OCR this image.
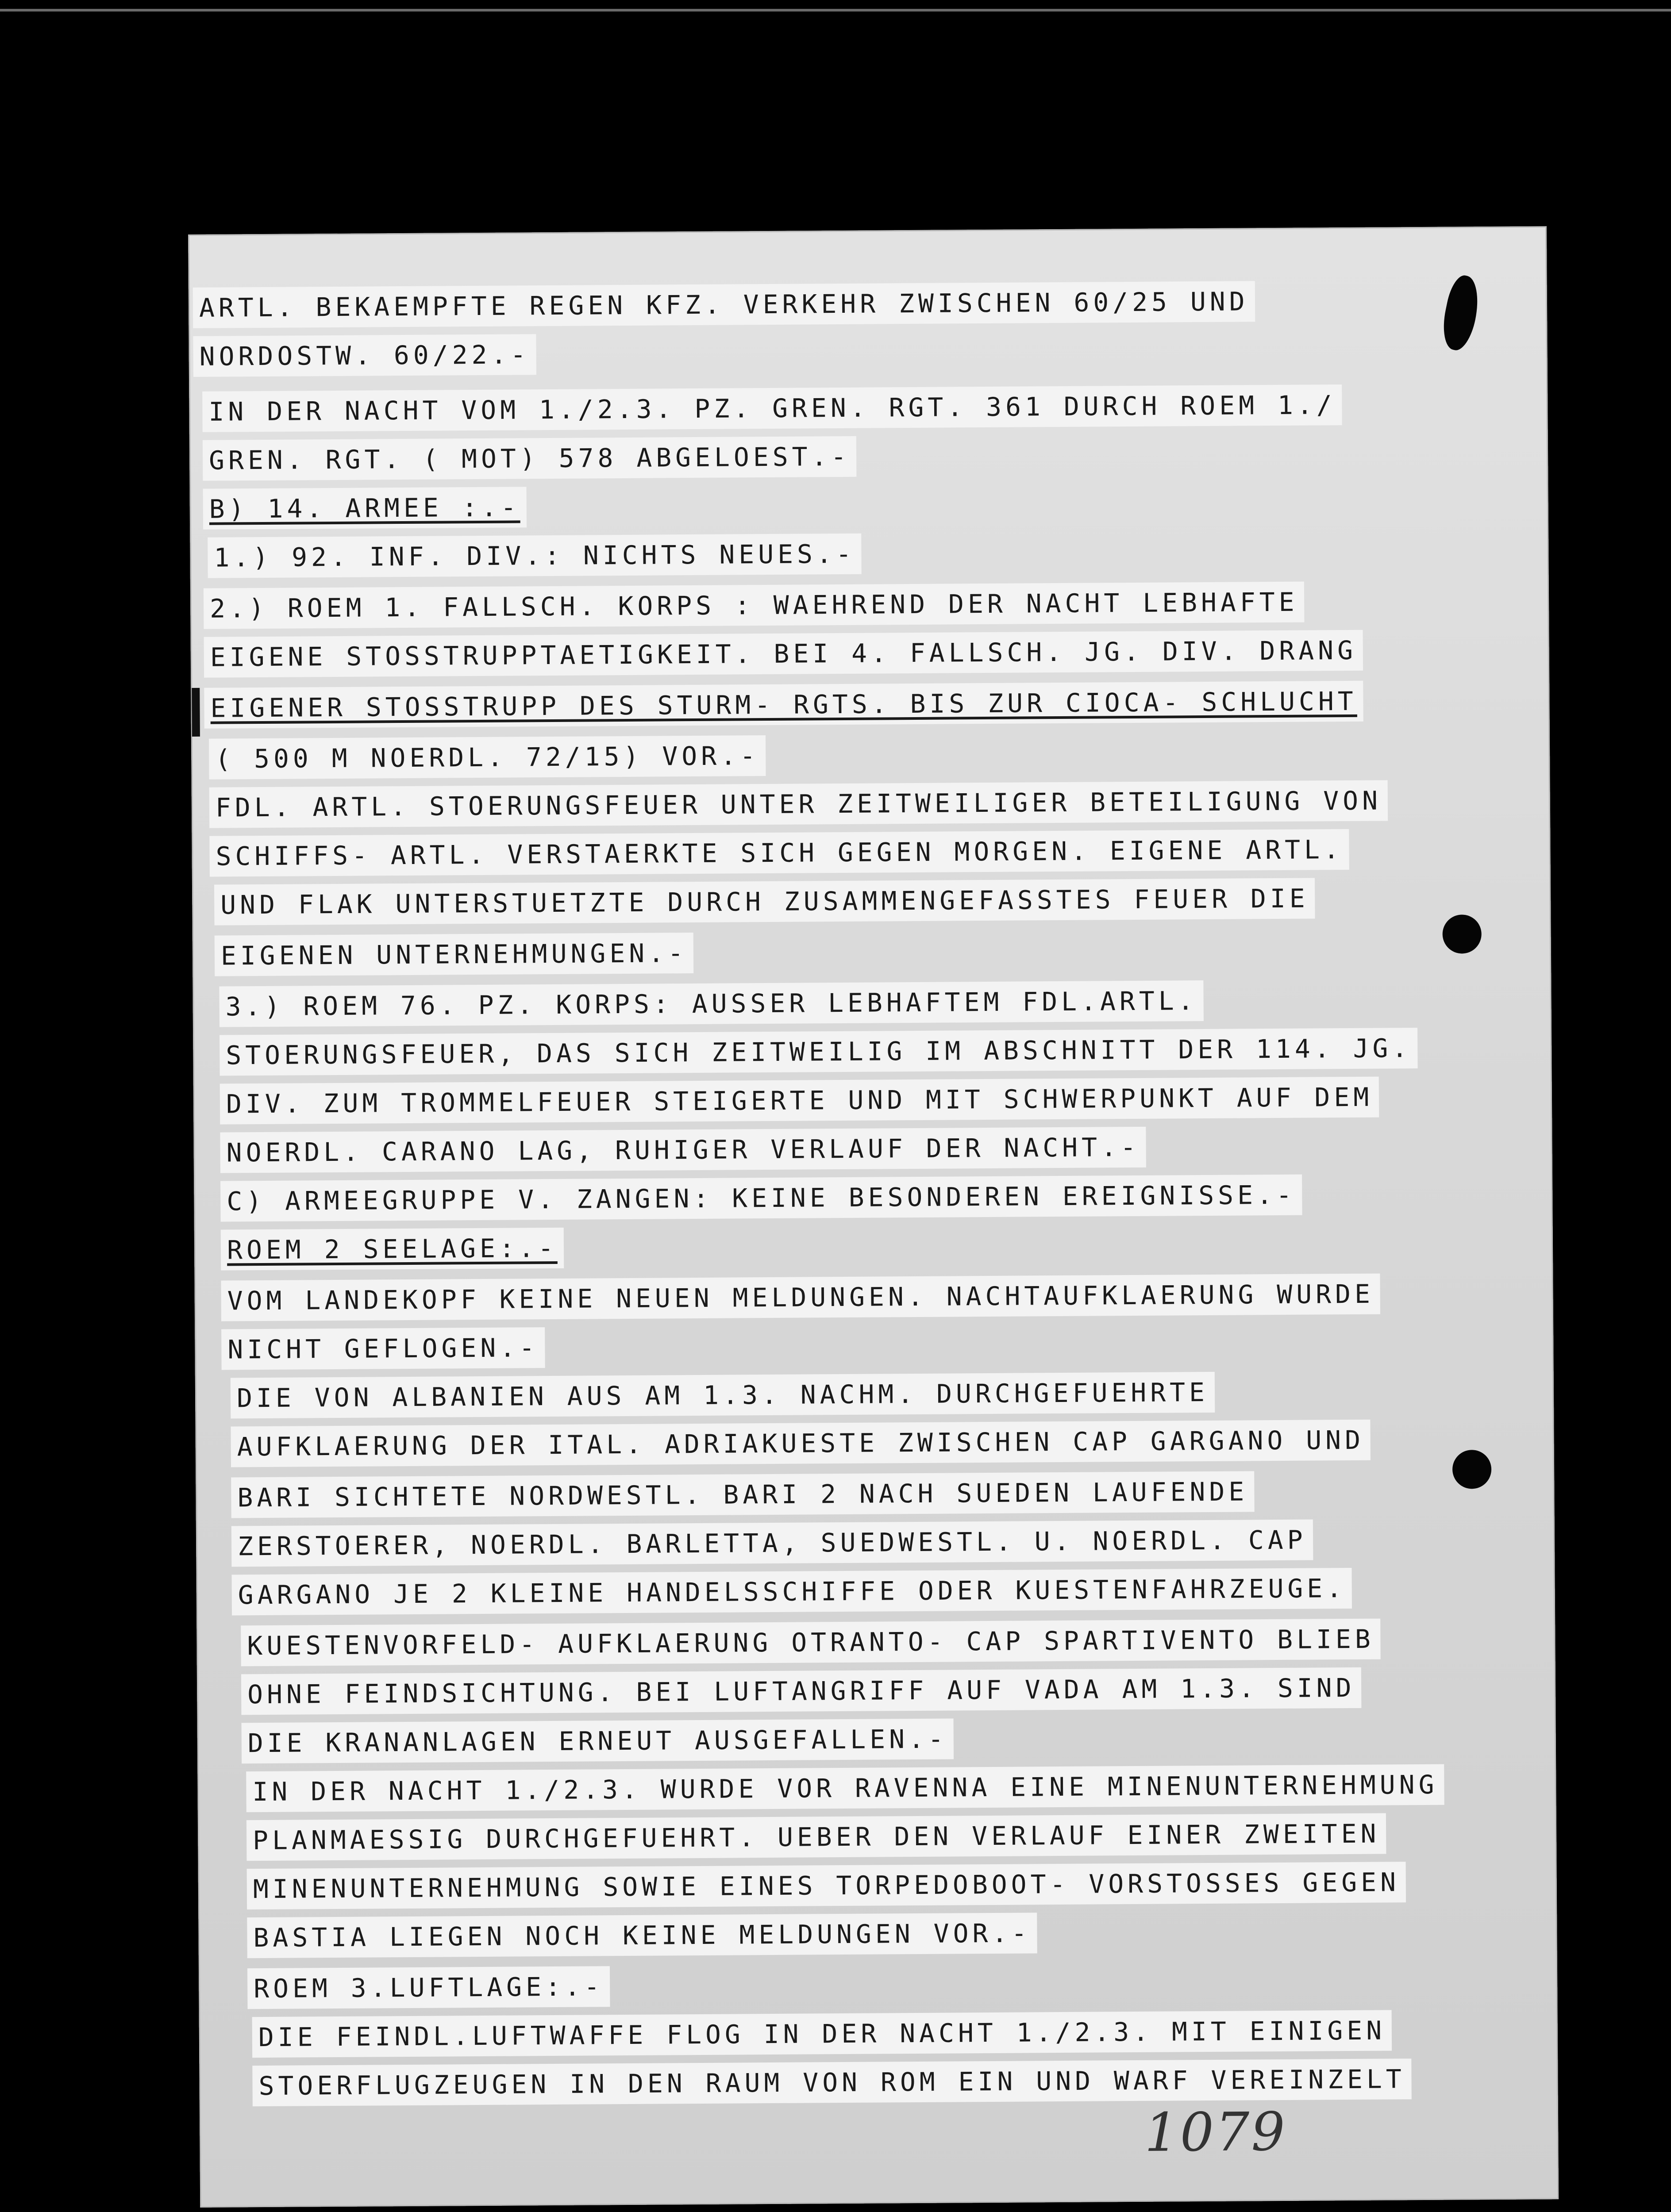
ARTL. BEKAEMPFTE REGEN KFZ. VERKEHR ZWISCHEN 60/25 UND
NORDOSTW. 60/22.-
IN DER NACHT VOM 1./2.3. PZ. GREN. RGT. 361 DURCH ROEM 1./
GREN. RGT. ( MOT) 578 ABGELOEST.-
B) 14. ARMEE :.-
1.) 92. INF. DIV.: NICHTS NEUES.-
2.) ROEM 1. FALLSCH. KORPS : WAEHREND DER NACHT LEBHAFTE
EIGENE STOSSTRUPPTAETIGKEIT. BEI 4. FALLSCH. JG. DIV. DRANG
EIGENER STOSSTRUPP DES STURM- RGTS. BIS ZUR CIOCA- SCHLUCHT
( 500 M NOERDL. 72/15) VOR.-
FDL. ARTL. STOERUNGSFEUER UNTER ZEITWEILIGER BETEILIGUNG VON
SCHIFFS- ARTL. VERSTAERKTE SICH GEGEN MORGEN. EIGENE ARTL.
UND FLAK UNTERSTUETZTE DURCH ZUSAMMENGEFASSTES FEUER DIE
EIGENEN UNTERNEHMUNGEN.-
3.) ROEM 76. PZ. KORPS: AUSSER LEBHAFTEM FDL.ARTL.
STOERUNGSFEUER, DAS SICH ZEITWEILIG IM ABSCHNITT DER 114. JG.
DIV. ZUM TROMMELFEUER STEIGERTE UND MIT SCHWERPUNKT AUF DEM
NOERDL. CARANO LAG, RUHIGER VERLAUF DER NACHT.-
C) ARMEEGRUPPE V. ZANGEN: KEINE BESONDEREN EREIGNISSE.-
ROEM 2 SEELAGE:.-
VOM LANDEKOPF KEINE NEUEN MELDUNGEN. NACHTAUFKLAERUNG WURDE
NICHT GEFLOGEN.-
DIE VON ALBANIEN AUS AM 1.3. NACHM. DURCHGEFUEHRTE
AUFKLAERUNG DER ITAL. ADRIAKUESTE ZWISCHEN CAP GARGANO UND
BARI SICHTETE NORDWESTL. BARI 2 NACH SUEDEN LAUFENDE
ZERSTOERER, NOERDL. BARLETTA, SUEDWESTL. U. NOERDL. CAP
GARGANO JE 2 KLEINE HANDELSSCHIFFE ODER KUESTENFAHRZEUGE.
KUESTENVORFELD- AUFKLAERUNG OTRANTO- CAP SPARTIVENTO BLIEB
OHNE FEINDSICHTUNG. BEI LUFTANGRIFF AUF VADA AM 1.3. SIND
DIE KRANANLAGEN ERNEUT AUSGEFALLEN.-
IN DER NACHT 1./2.3. WURDE VOR RAVENNA EINE MINENUNTERNEHMUNG
PLANMAESSIG DURCHGEFUEHRT. UEBER DEN VERLAUF EINER ZWEITEN
MINENUNTERNEHMUNG SOWIE EINES TORPEDOBOOT- VORSTOSSES GEGEN
BASTIA LIEGEN NOCH KEINE MELDUNGEN VOR.-
ROEM 3.LUFTLAGE:.-
DIE FEINDL.LUFTWAFFE FLOG IN DER NACHT 1./2.3. MIT EINIGEN
STOERFLUGZEUGEN IN DEN RAUM VON ROM EIN UND WARF VEREINZELT
1079
